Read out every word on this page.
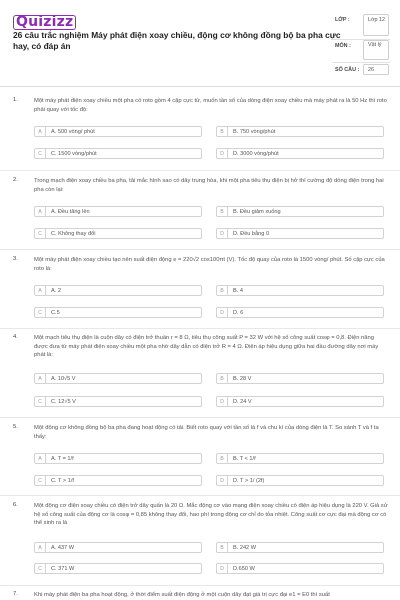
Quizizz
26 câu trắc nghiệm Máy phát điện xoay chiều, động cơ không đồng bộ ba pha cực hay, có đáp án
LỚP :	Lớp 12
MÔN :	Vật lý
SỐ CÂU : 26
1.	Một máy phát điện xoay chiều một pha có roto gồm 4 cặp cực từ, muốn tần số của dòng điện xoay chiều mà máy phát ra là 50 Hz thì roto phải quay với tốc độ:
A	A. 500 vòng/ phút	B	B. 750 vòng/phút
C	C. 1500 vòng/phút	D	D. 3000 vòng/phút
2.	Trong mạch điện xoay chiều ba pha, tải mắc hình sao có dây trung hòa, khi một pha tiêu thụ điện bị hở thì cường độ dòng điện trong hai pha còn lại:
A	A. Đều tăng lên	B	B. Đều giảm xuống
C	C. Không thay đổi	D	D. Đều bằng 0
3.	Một máy phát điện xoay chiều tạo nên suất điện động e = 220√2 cos100πt (V). Tốc độ quay của roto là 1500 vòng/ phút. Số cặp cực của roto là:
A	A. 2	B	B. 4
C	C.5	D	D. 6
4.	Một mạch tiêu thụ điện là cuộn dây có điện trở thuần r = 8 Ω, tiêu thụ công suất P = 32 W với hệ số công suất cosφ = 0,8. Điện năng được đưa từ máy phát điện xoay chiều một pha nhờ dây dẫn có điện trở R = 4 Ω. Điện áp hiệu dụng giữa hai đầu đường dây nơi máy phát là:
A	A. 10√5 V	B	B. 28 V
C	C. 12√5 V	D	D. 24 V
5.	Một động cơ không đồng bộ ba pha đang hoạt động có tải. Biết roto quay với tần số là f và chu kì của dòng điện là T. So sánh T và f ta thấy:
A	A. T = 1/f	B	B. T < 1/f
C	C. T > 1/f	D	D. T > 1/ (2f)
6.	Một động cơ điện xoay chiều có điện trở dây quấn là 20 Ω. Mắc động cơ vào mạng điện xoay chiều có điện áp hiệu dụng là 220 V. Giả sử hệ số công suất của động cơ là cosφ = 0,85 không thay đổi, hao phí trong động cơ chỉ do tỏa nhiệt. Công suất cơ cực đại mà động cơ có thể sinh ra là
A	A. 437 W	B	B. 242 W
C	C. 371 W	D	D.650 W
7.	Khi máy phát điện ba pha hoạt động, ở thời điểm suất điện động ở một cuộn dây đạt giá trị cực đại e1 = E0 thì suất
